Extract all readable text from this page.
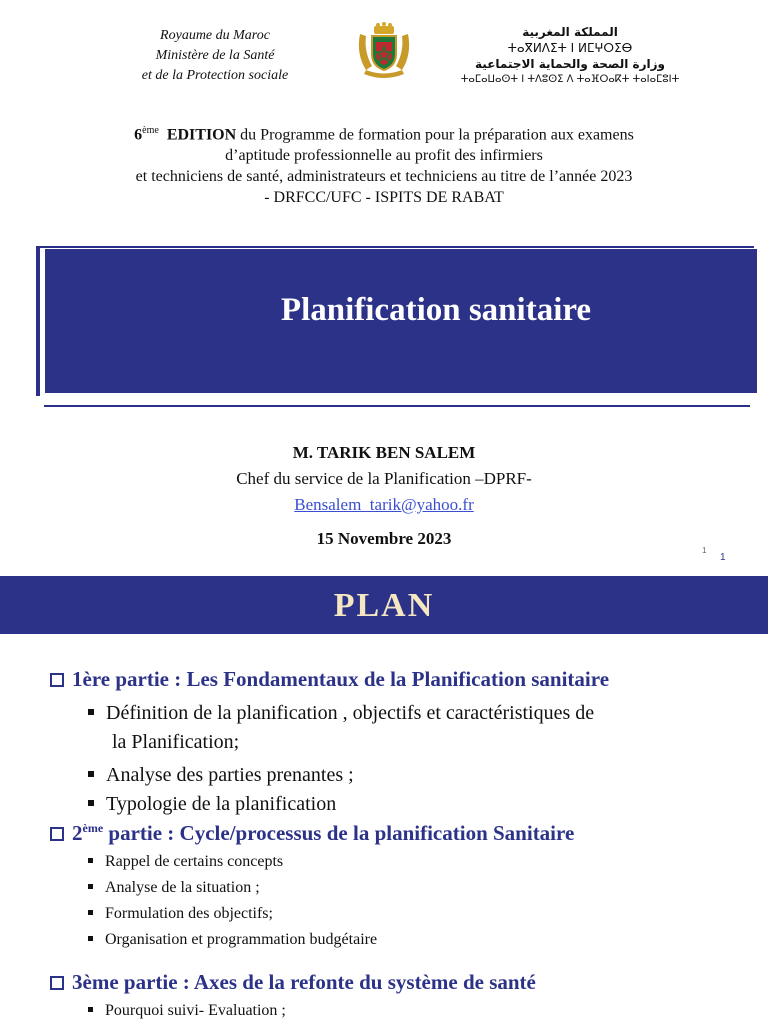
Royaume du Maroc
Ministère de la Santé
et de la Protection sociale
المملكة المغربية
ⵜⴰⴳⵍⴷⵉⵜ ⵏ ⵍⵎⵖⵔⵉⴱ
وزارة الصحة والحماية الاجتماعية
ⵜⴰⵎⴰⵡⴰⵙⵜ ⵏ ⵜⴷⵓⵙⵉ ⴷ ⵜⴰⴼⵔⴰⴽⵜ ⵜⴰⵏⴰⵎⵓⵏⵜ
6ème EDITION du Programme de formation pour la préparation aux examens
d’aptitude professionnelle au profit des infirmiers
et techniciens de santé, administrateurs et techniciens au titre de l’année 2023
- DRFCC/UFC - ISPITS DE RABAT
Planification sanitaire
M. TARIK BEN SALEM
Chef du service de la Planification –DPRF-
Bensalem_tarik@yahoo.fr
15 Novembre 2023
1
1
PLAN
1ère partie : Les Fondamentaux de la Planification sanitaire
Définition de la planification , objectifs et caractéristiques de
la Planification;
Analyse des parties prenantes ;
Typologie de la planification
2ème partie : Cycle/processus de la planification Sanitaire
Rappel de certains concepts
Analyse de la situation ;
Formulation des objectifs;
Organisation et programmation budgétaire
3ème partie : Axes de la refonte du système de santé
Pourquoi suivi- Evaluation ;
